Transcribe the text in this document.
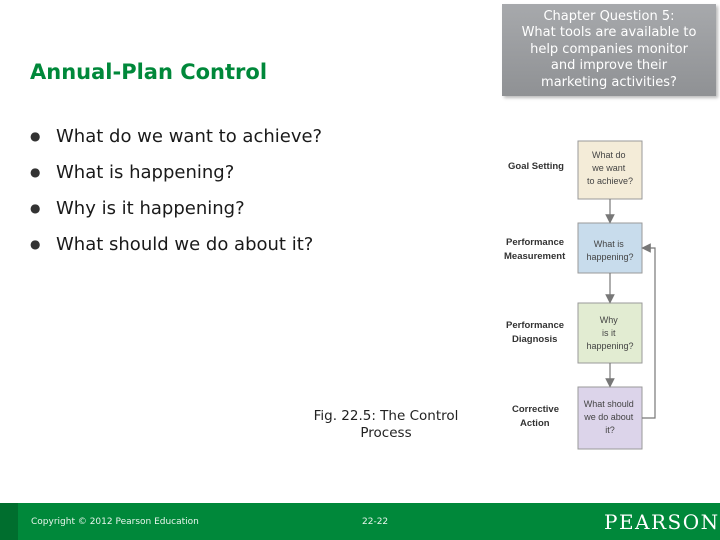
Chapter Question 5:
What tools are available to
help companies monitor
and improve their
marketing activities?
Annual-Plan Control
● What do we want to achieve?
● What is happening?
● Why is it happening?
● What should we do about it?
Goal Setting
What do we want to achieve?
Performance Measurement
What is happening?
Performance Diagnosis
Why is it happening?
Corrective Action
What should we do about it?
Fig. 22.5: The Control
Process
Copyright © 2012 Pearson Education	22-22	PEARSON
